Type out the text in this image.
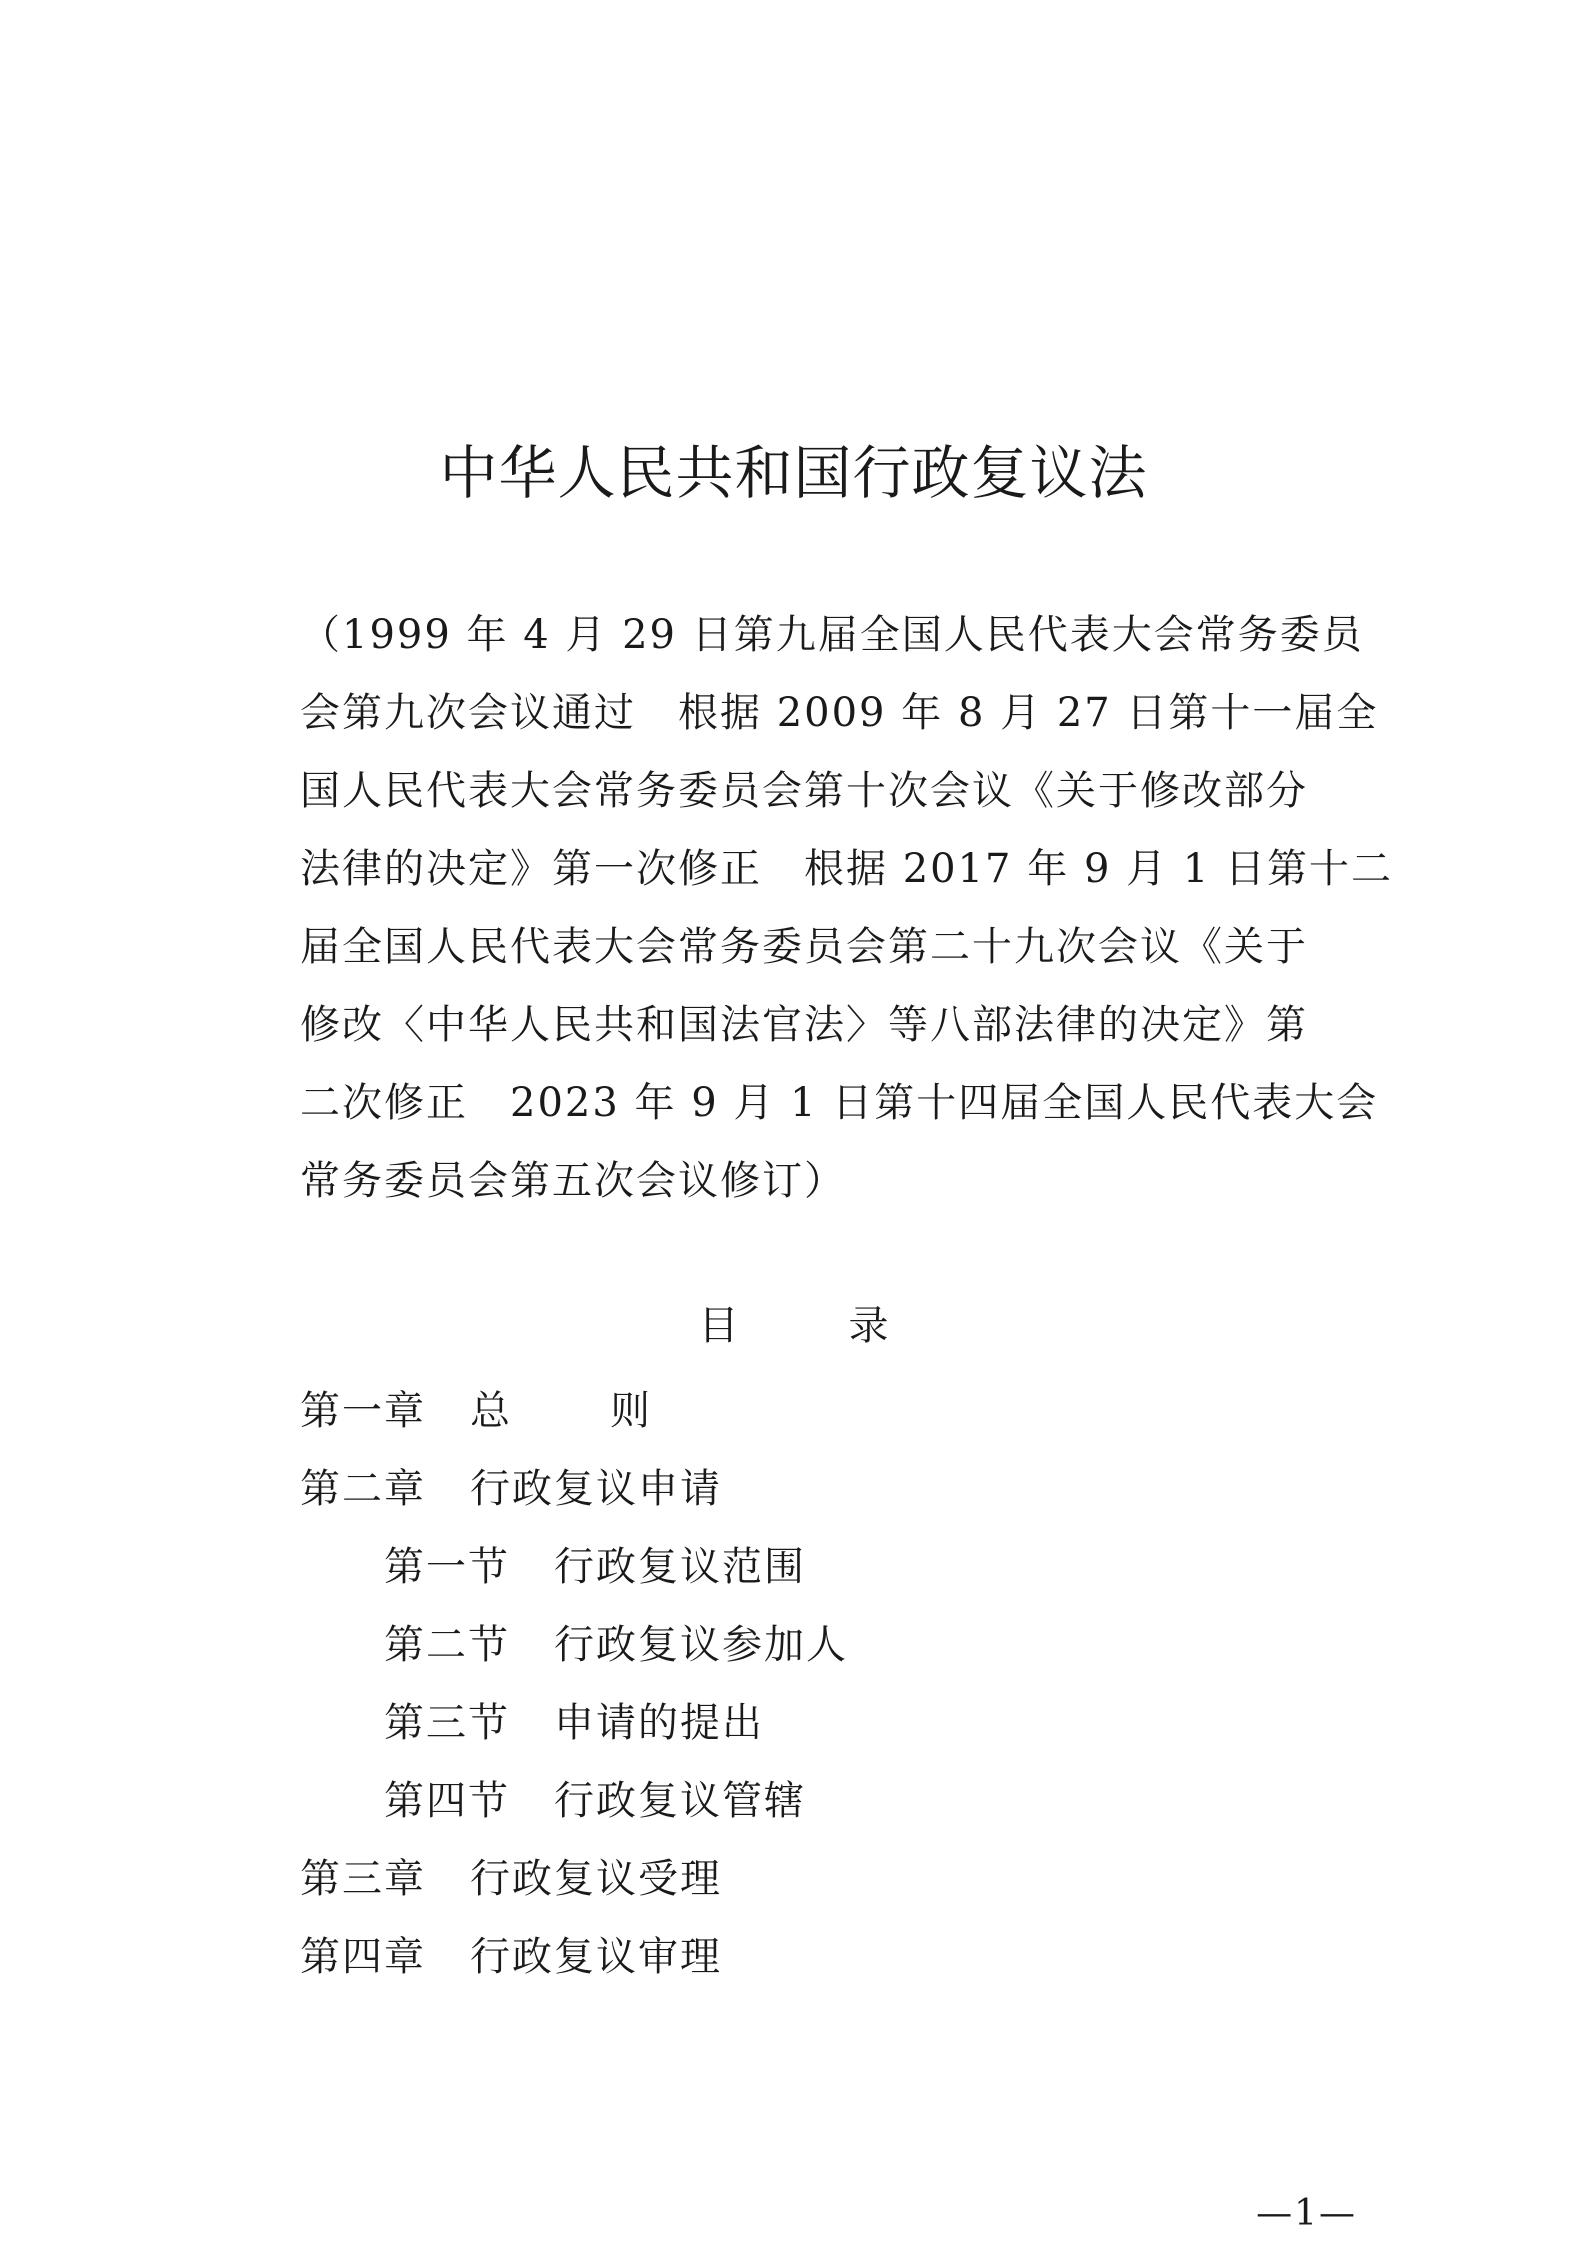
中华人民共和国行政复议法
（1999 年 4 月 29 日第九届全国人民代表大会常务委员
会第九次会议通过　根据 2009 年 8 月 27 日第十一届全
国人民代表大会常务委员会第十次会议《关于修改部分
法律的决定》第一次修正　根据 2017 年 9 月 1 日第十二
届全国人民代表大会常务委员会第二十九次会议《关于
修改〈中华人民共和国法官法〉等八部法律的决定》第
二次修正　2023 年 9 月 1 日第十四届全国人民代表大会
常务委员会第五次会议修订）
目	录
第一章 总 则
第二章 行政复议申请
第一节 行政复议范围
第二节 行政复议参加人
第三节 申请的提出
第四节 行政复议管辖
第三章 行政复议受理
第四章 行政复议审理
—1—
